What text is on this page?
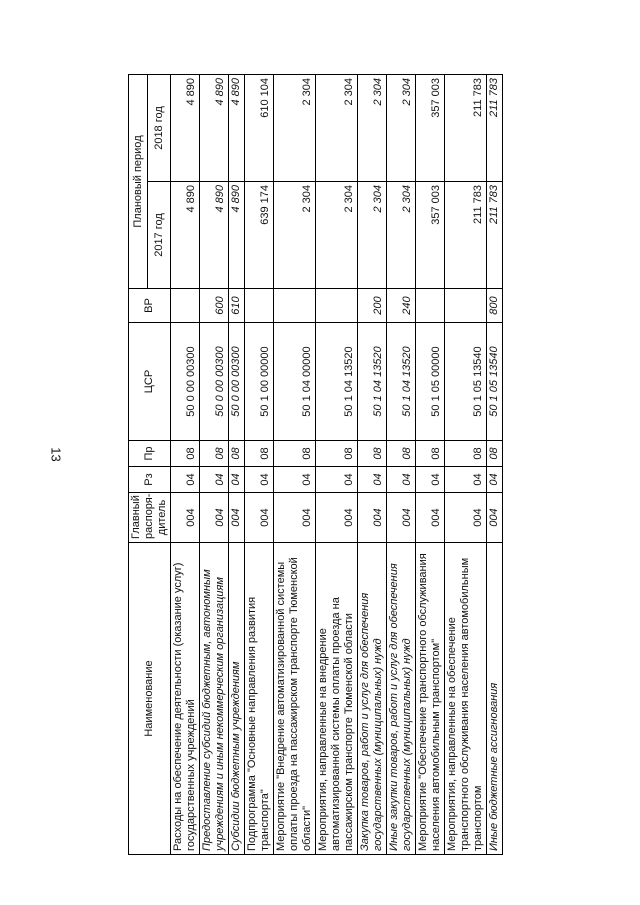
13
Наименование	Главный распоря-дитель	Рз	Пр	ЦСР	ВР	Плановый период	
						2017 год	2018 год
Расходы на обеспечение деятельности (оказание услуг) государственных учреждений	004	04	08	50 0 00 00300		4 890	4 890
Предоставление субсидий бюджетным, автономным учреждениям и иным некоммерческим организациям	004	04	08	50 0 00 00300	600	4 890	4 890
Субсидии бюджетным учреждениям	004	04	08	50 0 00 00300	610	4 890	4 890
Подпрограмма "Основные направления развития транспорта"	004	04	08	50 1 00 00000		639 174	610 104
Мероприятие "Внедрение автоматизированной системы оплаты проезда на пассажирском транспорте Тюменской области"	004	04	08	50 1 04 00000		2 304	2 304
Мероприятия, направленные на внедрение автоматизированной системы оплаты проезда на пассажирском транспорте Тюменской области	004	04	08	50 1 04 13520		2 304	2 304
Закупка товаров, работ и услуг для обеспечения государственных (муниципальных) нужд	004	04	08	50 1 04 13520	200	2 304	2 304
Иные закупки товаров, работ и услуг для обеспечения государственных (муниципальных) нужд	004	04	08	50 1 04 13520	240	2 304	2 304
Мероприятие "Обеспечение транспортного обслуживания населения автомобильным транспортом"	004	04	08	50 1 05 00000		357 003	357 003
Мероприятия, направленные на обеспечение транспортного обслуживания населения автомобильным транспортом	004	04	08	50 1 05 13540		211 783	211 783
Иные бюджетные ассигнования	004	04	08	50 1 05 13540	800	211 783	211 783
